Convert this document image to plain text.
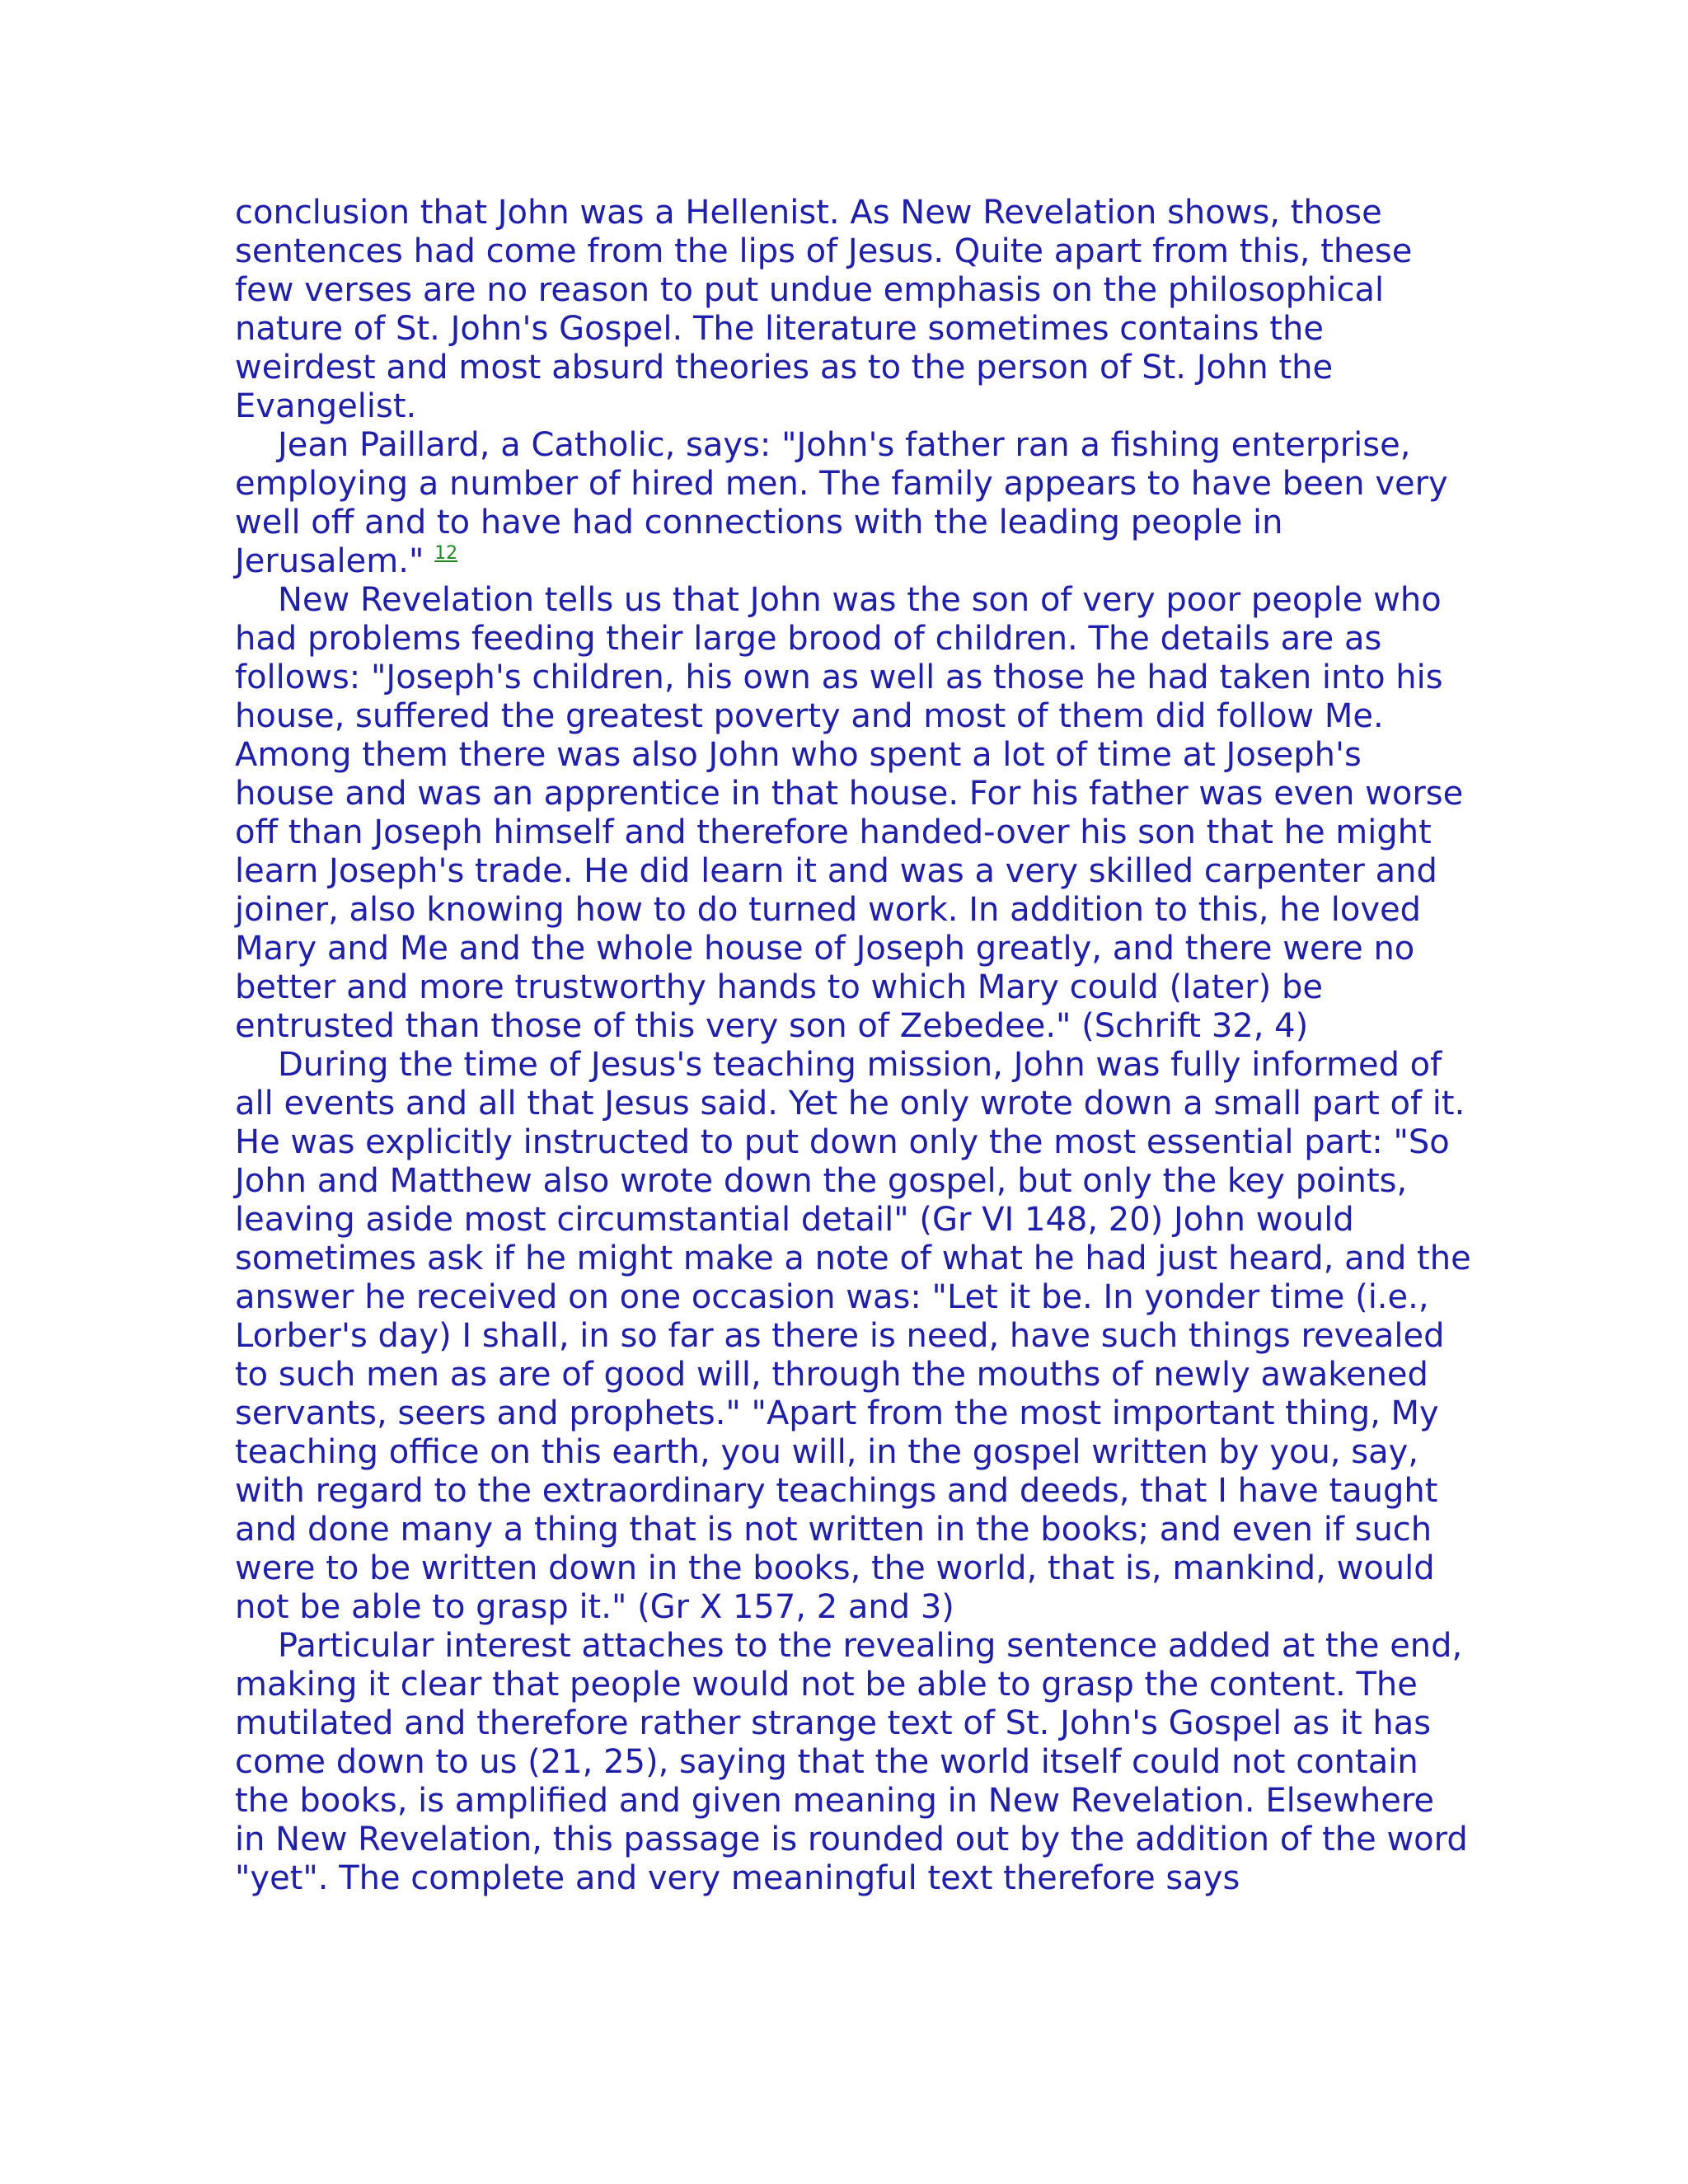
conclusion that John was a Hellenist. As New Revelation shows, those sentences had come from the lips of Jesus. Quite apart from this, these few verses are no reason to put undue emphasis on the philosophical nature of St. John's Gospel. The literature sometimes contains the weirdest and most absurd theories as to the person of St. John the Evangelist.

Jean Paillard, a Catholic, says: "John's father ran a fishing enterprise, employing a number of hired men. The family appears to have been very well off and to have had connections with the leading people in Jerusalem." $^{12}$

New Revelation tells us that John was the son of very poor people who had problems feeding their large brood of children. The details are as follows: "Joseph's children, his own as well as those he had taken into his house, suffered the greatest poverty and most of them did follow Me. Among them there was also John who spent a lot of time at Joseph's house and was an apprentice in that house. For his father was even worse off than Joseph himself and therefore handed-over his son that he might learn Joseph's trade. He did learn it and was a very skilled carpenter and joiner, also knowing how to do turned work. In addition to this, he loved Mary and Me and the whole house of Joseph greatly, and there were no better and more trustworthy hands to which Mary could (later) be entrusted than those of this very son of Zebedee." (Schrift 32, 4)

During the time of Jesus's teaching mission, John was fully informed of all events and all that Jesus said. Yet he only wrote down a small part of it. He was explicitly instructed to put down only the most essential part: "So John and Matthew also wrote down the gospel, but only the key points, leaving aside most circumstantial detail" (Gr VI 148, 20) John would sometimes ask if he might make a note of what he had just heard, and the answer he received on one occasion was: "Let it be. In yonder time (i.e., Lorber's day) I shall, in so far as there is need, have such things revealed to such men as are of good will, through the mouths of newly awakened servants, seers and prophets." "Apart from the most important thing, My teaching office on this earth, you will, in the gospel written by you, say, with regard to the extraordinary teachings and deeds, that I have taught and done many a thing that is not written in the books; and even if such were to be written down in the books, the world, that is, mankind, would not be able to grasp it." (Gr X 157, 2 and 3)

Particular interest attaches to the revealing sentence added at the end, making it clear that people would not be able to grasp the content. The mutilated and therefore rather strange text of St. John's Gospel as it has come down to us (21, 25), saying that the world itself could not contain the books, is amplified and given meaning in New Revelation. Elsewhere in New Revelation, this passage is rounded out by the addition of the word "yet". The complete and very meaningful text therefore says
